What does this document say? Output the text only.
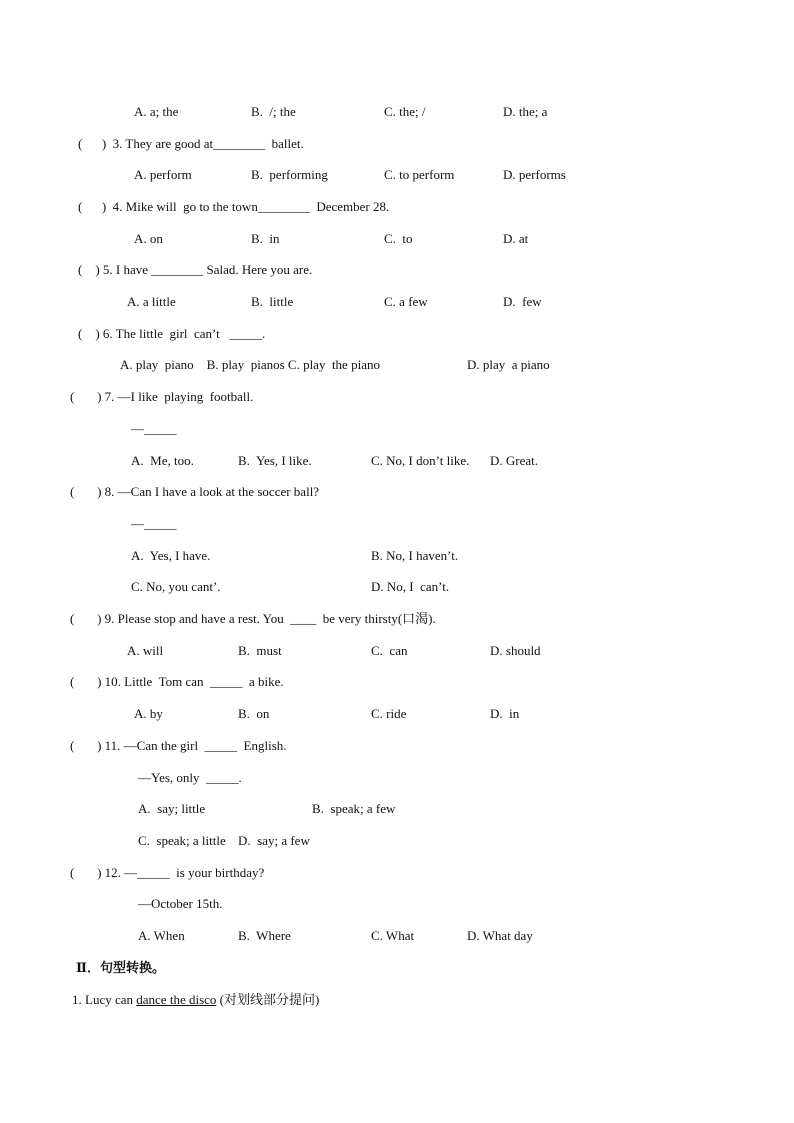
A. a; the	B.  /; the	C. the; /	D. the; a
(      )  3. They are good at________  ballet.
A. perform	B.  performing	C. to perform	D. performs
(      )  4. Mike will  go to the town________  December 28.
A. on	B.  in	C.  to	D. at
(    ) 5. I have ________ Salad. Here you are.
A. a little	B.  little	C. a few	D.  few
(    ) 6. The little  girl  can’t   _____.
A. play  piano    B. play  pianos C. play  the piano	D. play  a piano
(       ) 7. —I like  playing  football.
—_____
A.  Me, too.	B.  Yes, I like.	C. No, I don’t like. D. Great.
(       ) 8. —Can I have a look at the soccer ball?
—_____
A.  Yes, I have.	B. No, I haven’t.
C. No, you cant’.	D. No, I  can’t.
(       ) 9. Please stop and have a rest. You  ____  be very thirsty(口渴).
A. will	B.  must	C.  can	D. should
(       ) 10. Little  Tom can  _____  a bike.
A. by	B.  on	C. ride	D.  in
(       ) 11. —Can the girl  _____  English.
—Yes, only  _____.
A.  say; little	B.  speak; a few
C.  speak; a little D.  say; a few
(       ) 12. —_____  is your birthday?
—October 15th.
A. When	B.  Where	C. What	D. What day
Ⅱ．句型转换。
1. Lucy can dance the disco (对划线部分提问)
